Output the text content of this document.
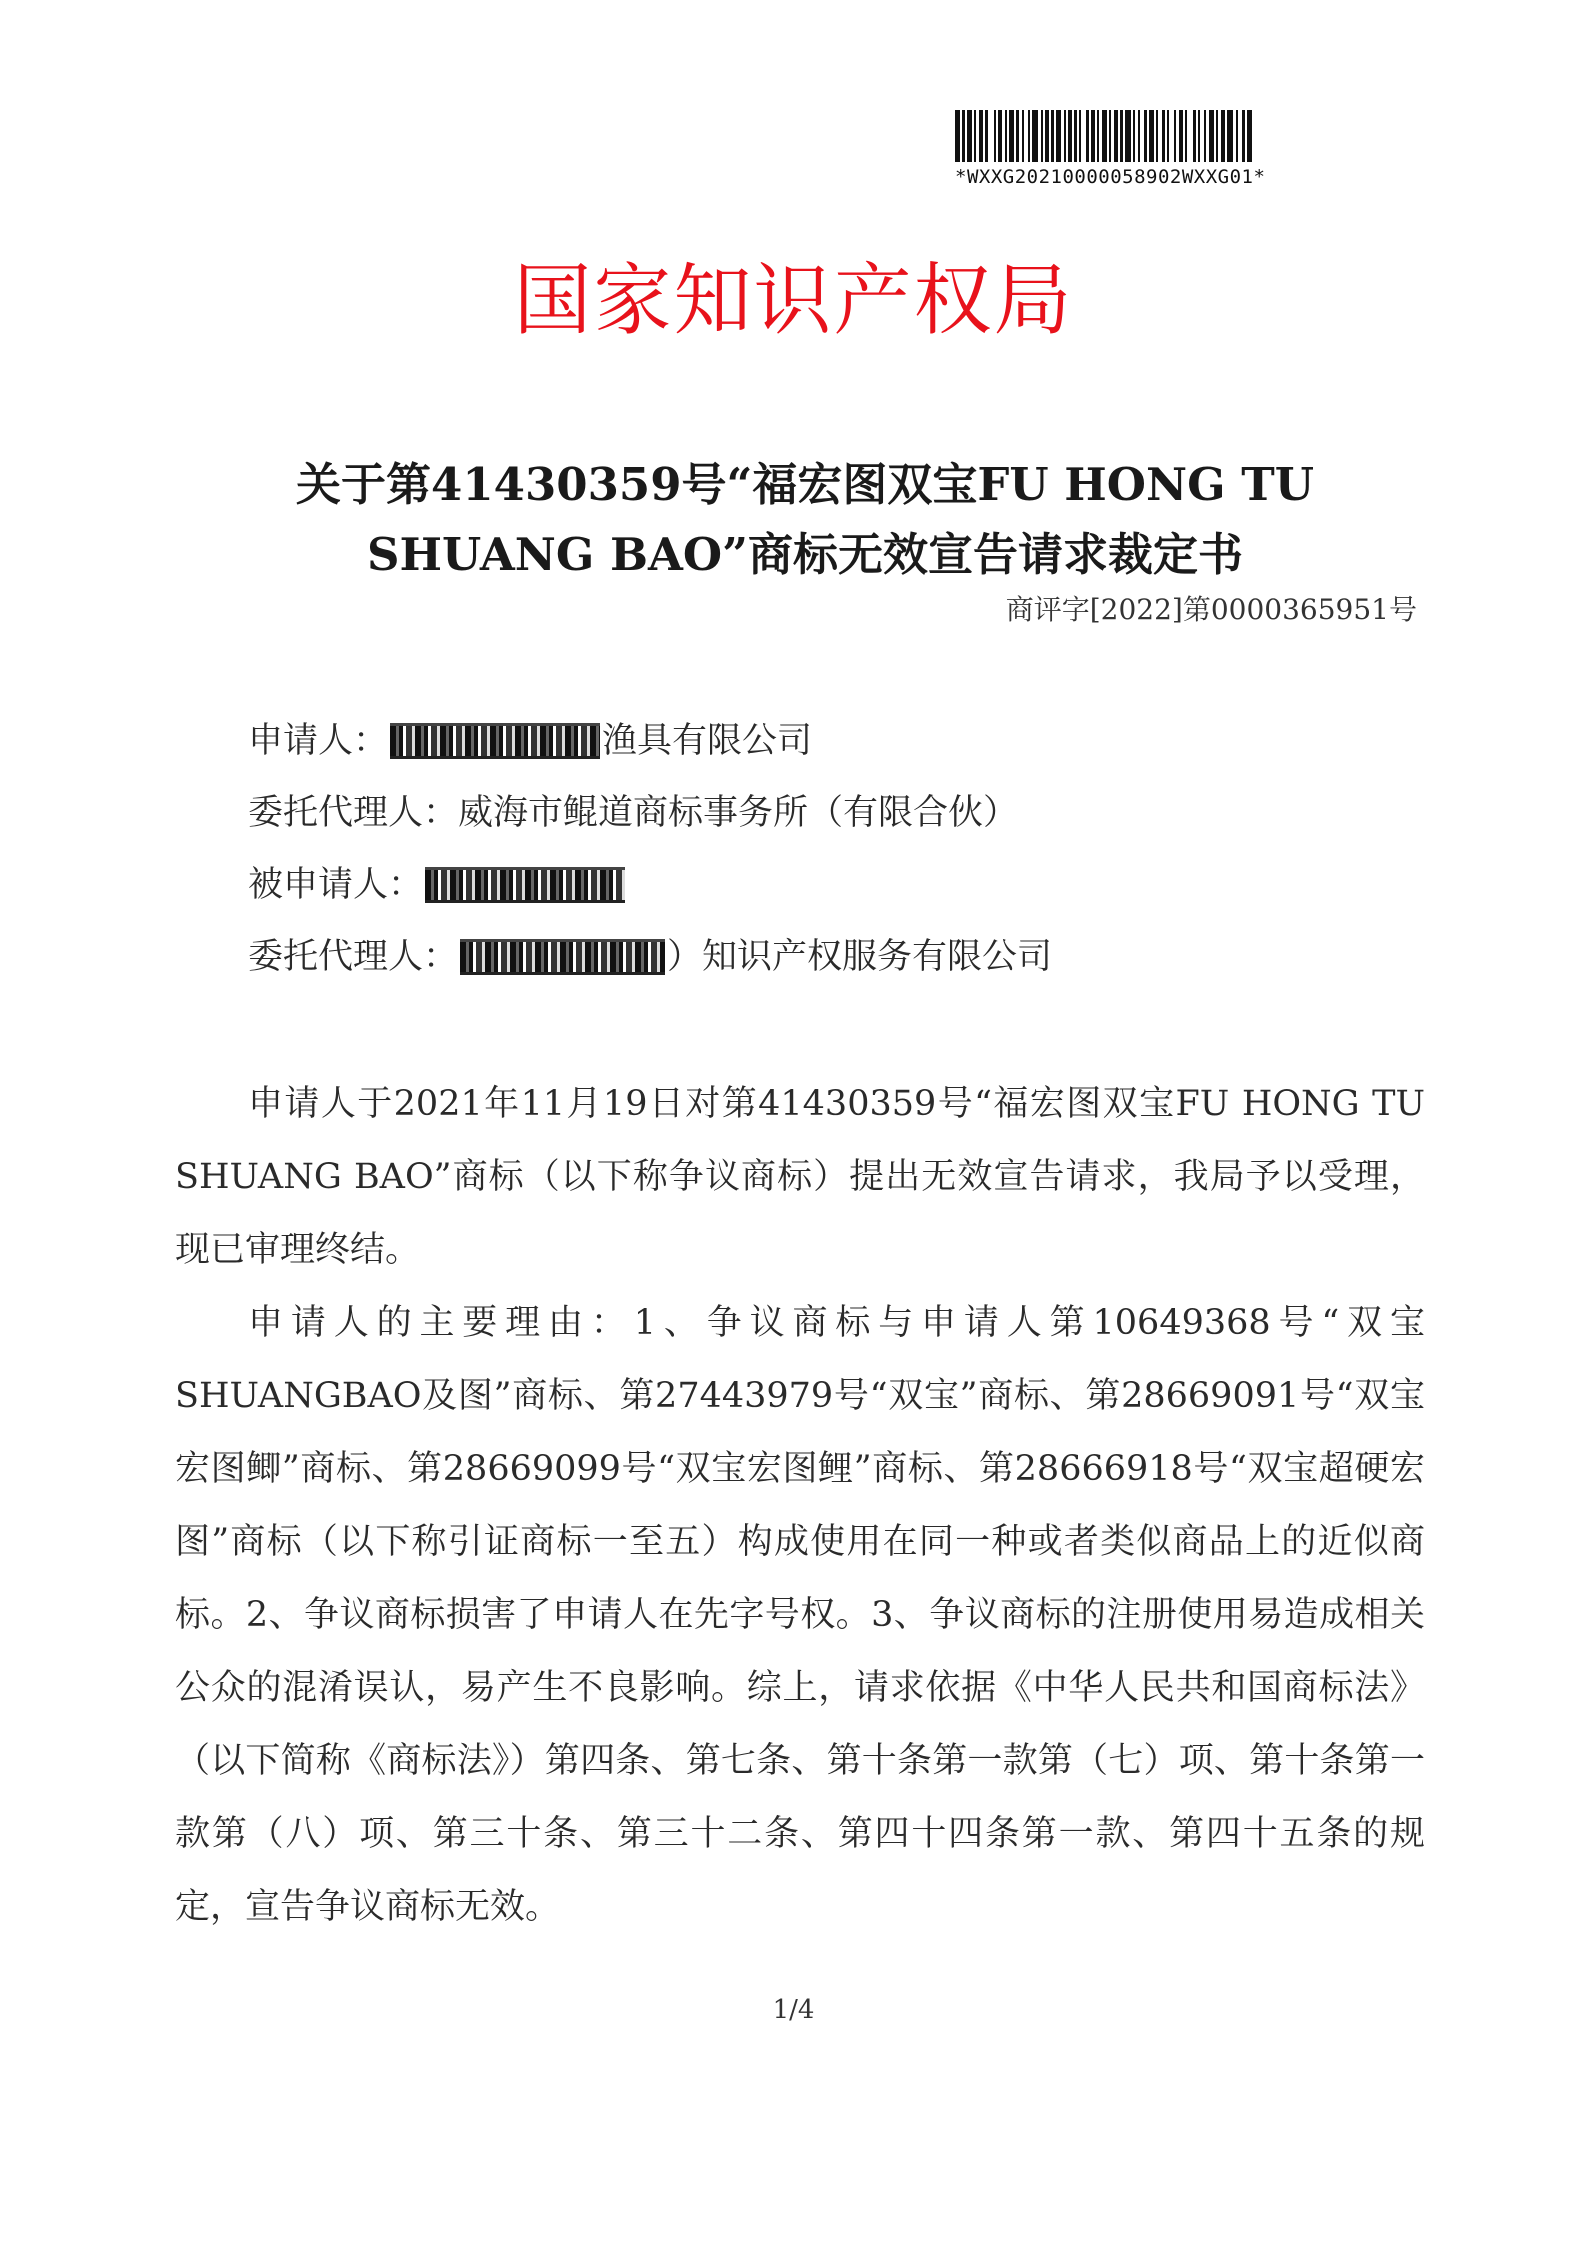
*WXXG20210000058902WXXG01*
国家知识产权局
关于第41430359号“福宏图双宝FU HONG TU
SHUANG BAO”商标无效宣告请求裁定书
商评字[2022]第0000365951号
申请人：	渔具有限公司
委托代理人： 威海市鲲道商标事务所（有限合伙）
被申请人：
委托代理人：	）知识产权服务有限公司

申请人于2021年11月19日对第41430359号“福宏图双宝FU HONG TU SHUANG BAO”商标（以下称争议商标）提出无效宣告请求，我局予以受理，现已审理终结。

申请人的主要理由：1、争议商标与申请人第10649368号“双宝SHUANGBAO及图”商标、第27443979号“双宝”商标、第28669091号“双宝宏图鲫”商标、第28669099号“双宝宏图鲤”商标、第28666918号“双宝超硬宏图”商标（以下称引证商标一至五）构成使用在同一种或者类似商品上的近似商标。2、争议商标损害了申请人在先字号权。3、争议商标的注册使用易造成相关公众的混淆误认，易产生不良影响。综上，请求依据《中华人民共和国商标法》（以下简称《商标法》）第四条、第七条、第十条第一款第（七）项、第十条第一款第（八）项、第三十条、第三十二条、第四十四条第一款、第四十五条的规定，宣告争议商标无效。

1/4
